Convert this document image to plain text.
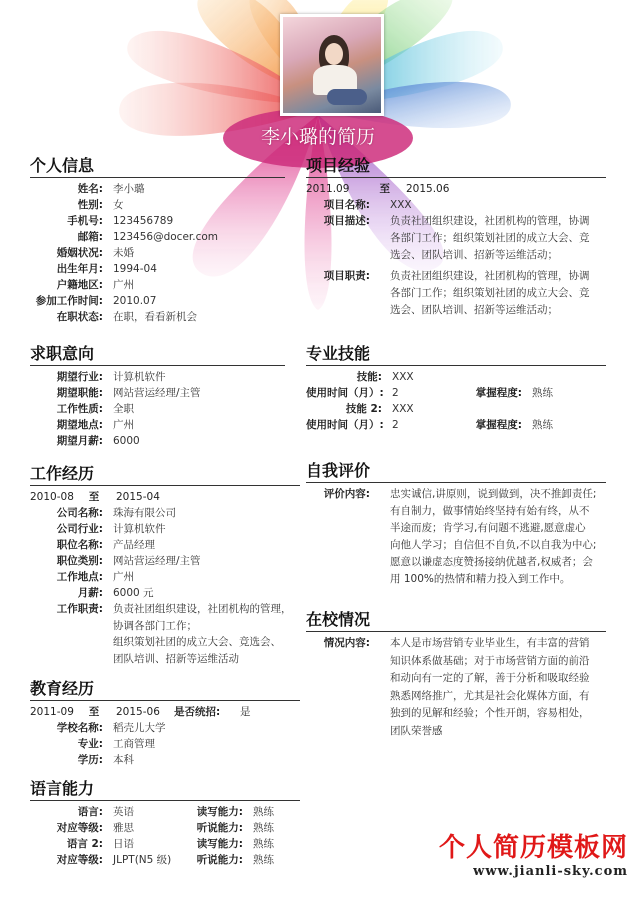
李小璐的简历
个人信息
姓名: 李小璐
性别: 女
手机号: 123456789
邮箱: 123456@docer.com
婚姻状况: 未婚
出生年月: 1994-04
户籍地区: 广州
参加工作时间: 2010.07
在职状态: 在职，看看新机会
求职意向
期望行业: 计算机软件
期望职能: 网站营运经理/主管
工作性质: 全职
期望地点: 广州
期望月薪: 6000
工作经历
2010-08	至	2015-04
公司名称: 珠海有限公司
公司行业: 计算机软件
职位名称: 产品经理
职位类别: 网站营运经理/主管
工作地点: 广州
月薪: 6000 元
工作职责: 负责社团组织建设，社团机构的管理，
协调各部门工作；
组织策划社团的成立大会、竞选会、
团队培训、招新等运维活动
教育经历
2011-09	至	2015-06	是否统招:	是
学校名称: 稻壳儿大学
专业: 工商管理
学历: 本科
语言能力
语言: 英语	读写能力: 熟练
对应等级: 雅思	听说能力: 熟练
语言 2: 日语	读写能力: 熟练
对应等级: JLPT(N5 级)	听说能力: 熟练
项目经验
2011.09	至	2015.06
项目名称:	XXX
项目描述: 负责社团组织建设，社团机构的管理，协调
各部门工作；组织策划社团的成立大会、竞
选会、团队培训、招新等运维活动；
项目职责: 负责社团组织建设，社团机构的管理，协调
各部门工作；组织策划社团的成立大会、竞
选会、团队培训、招新等运维活动；
专业技能
技能: XXX
使用时间（月）: 2	掌握程度: 熟练
技能 2: XXX
使用时间（月）: 2	掌握程度: 熟练
自我评价
评价内容: 忠实诚信,讲原则，说到做到，决不推卸责任;
有自制力，做事情始终坚持有始有终，从不
半途而废；肯学习,有问题不逃避,愿意虚心
向他人学习；自信但不自负,不以自我为中心;
愿意以谦虚态度赞扬接纳优越者,权威者；会
用 100%的热情和精力投入到工作中。
在校情况
情况内容: 本人是市场营销专业毕业生，有丰富的营销
知识体系做基础；对于市场营销方面的前沿
和动向有一定的了解，善于分析和吸取经验
熟悉网络推广，尤其是社会化媒体方面，有
独到的见解和经验；个性开朗，容易相处，
团队荣誉感
个人简历模板网
www.jianli-sky.com
